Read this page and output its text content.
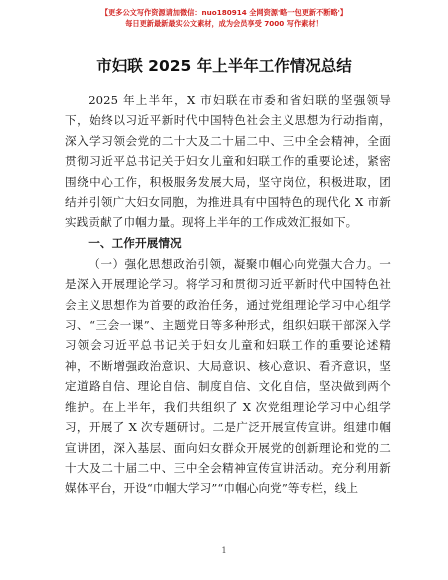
【更多公文写作资源请加微信：nuo180914 全网资源'略一包更新不断略'】
每日更新最新最实公文素材，成为会员享受 7000 写作素材！
市妇联 2025 年上半年工作情况总结

2025 年上半年，X 市妇联在市委和省妇联的坚强领导下，始终以习近平新时代中国特色社会主义思想为行动指南，深入学习领会党的二十大及二十届二中、三中全会精神，全面贯彻习近平总书记关于妇女儿童和妇联工作的重要论述，紧密围绕中心工作，积极服务发展大局，坚守岗位，积极进取，团结并引领广大妇女同胞，为推进具有中国特色的现代化 X 市新实践贡献了巾帼力量。现将上半年的工作成效汇报如下。

一、工作开展情况

（一）强化思想政治引领，凝聚巾帼心向党强大合力。一是深入开展理论学习。将学习和贯彻习近平新时代中国特色社会主义思想作为首要的政治任务，通过党组理论学习中心组学习、“三会一课”、主题党日等多种形式，组织妇联干部深入学习领会习近平总书记关于妇女儿童和妇联工作的重要论述精神，不断增强政治意识、大局意识、核心意识、看齐意识，坚定道路自信、理论自信、制度自信、文化自信，坚决做到两个维护。在上半年，我们共组织了 X 次党组理论学习中心组学习，开展了 X 次专题研讨。二是广泛开展宣传宣讲。组建巾帼宣讲团，深入基层、面向妇女群众开展党的创新理论和党的二十大及二十届二中、三中全会精神宣传宣讲活动。充分利用新媒体平台，开设“巾帼大学习”“巾帼心向党”等专栏，线上

1
